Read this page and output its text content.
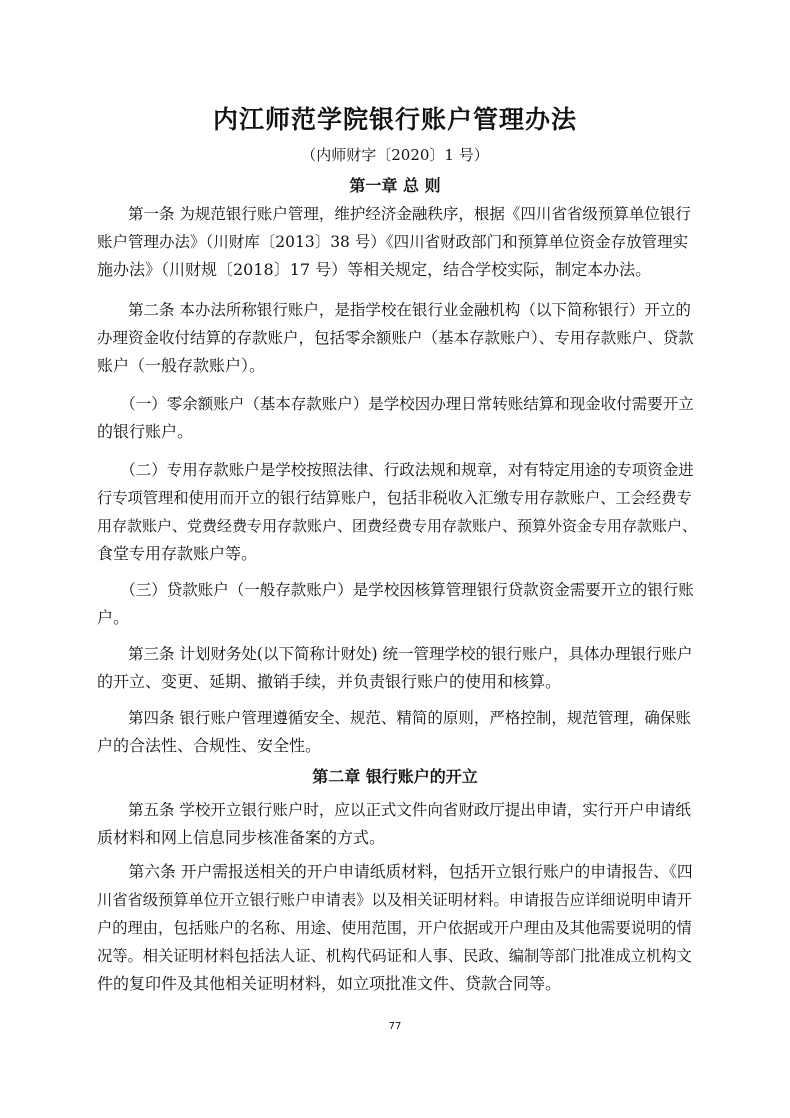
内江师范学院银行账户管理办法
（内师财字〔2020〕1 号）
第一章 总 则
　　第一条 为规范银行账户管理，维护经济金融秩序，根据《四川省省级预算单位银行
账户管理办法》（川财库〔2013〕38 号）《四川省财政部门和预算单位资金存放管理实
施办法》（川财规〔2018〕17 号）等相关规定，结合学校实际，制定本办法。
　　第二条 本办法所称银行账户，是指学校在银行业金融机构（以下简称银行）开立的
办理资金收付结算的存款账户，包括零余额账户（基本存款账户）、专用存款账户、贷款
账户（一般存款账户）。
　　（一）零余额账户（基本存款账户）是学校因办理日常转账结算和现金收付需要开立
的银行账户。
　　（二）专用存款账户是学校按照法律、行政法规和规章，对有特定用途的专项资金进
行专项管理和使用而开立的银行结算账户，包括非税收入汇缴专用存款账户、工会经费专
用存款账户、党费经费专用存款账户、团费经费专用存款账户、预算外资金专用存款账户、
食堂专用存款账户等。
　　（三）贷款账户（一般存款账户）是学校因核算管理银行贷款资金需要开立的银行账
户。
　　第三条 计划财务处(以下简称计财处) 统一管理学校的银行账户，具体办理银行账户
的开立、变更、延期、撤销手续，并负责银行账户的使用和核算。
　　第四条 银行账户管理遵循安全、规范、精简的原则，严格控制，规范管理，确保账
户的合法性、合规性、安全性。
第二章 银行账户的开立
　　第五条 学校开立银行账户时，应以正式文件向省财政厅提出申请，实行开户申请纸
质材料和网上信息同步核准备案的方式。
　　第六条 开户需报送相关的开户申请纸质材料，包括开立银行账户的申请报告、《四
川省省级预算单位开立银行账户申请表》以及相关证明材料。申请报告应详细说明申请开
户的理由，包括账户的名称、用途、使用范围，开户依据或开户理由及其他需要说明的情
况等。相关证明材料包括法人证、机构代码证和人事、民政、编制等部门批准成立机构文
件的复印件及其他相关证明材料，如立项批准文件、贷款合同等。
77
